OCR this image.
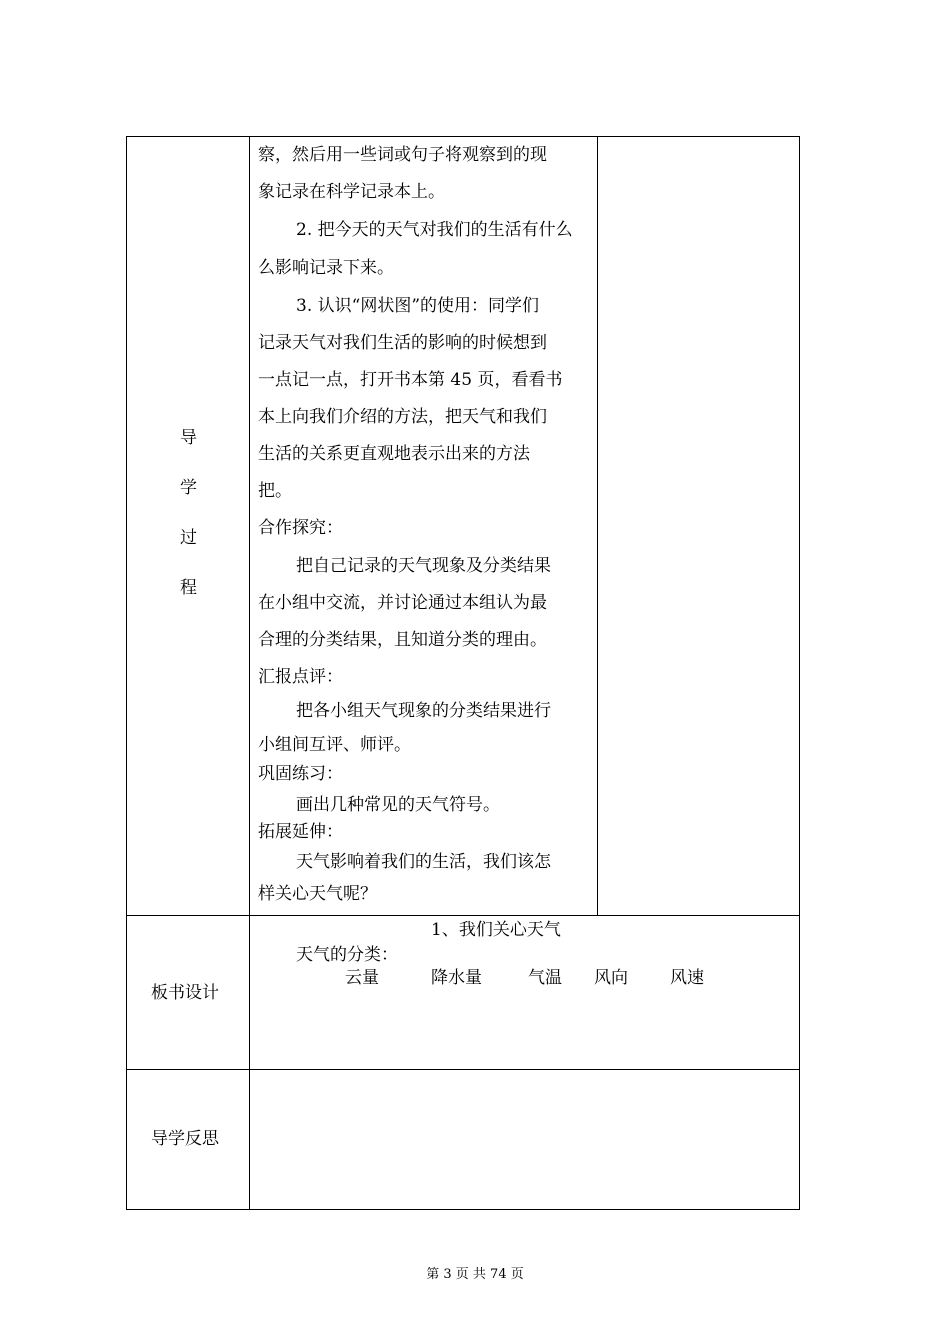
导
学
过
程
察，然后用一些词或句子将观察到的现
象记录在科学记录本上。
2. 把今天的天气对我们的生活有什么
么影响记录下来。
3. 认识“网状图”的使用：同学们
记录天气对我们生活的影响的时候想到
一点记一点，打开书本第 45 页，看看书
本上向我们介绍的方法，把天气和我们
生活的关系更直观地表示出来的方法
把。
合作探究：
把自己记录的天气现象及分类结果
在小组中交流，并讨论通过本组认为最
合理的分类结果，且知道分类的理由。
汇报点评：
把各小组天气现象的分类结果进行
小组间互评、师评。
巩固练习：
画出几种常见的天气符号。
拓展延伸：
天气影响着我们的生活，我们该怎
样关心天气呢？
板书设计
1、我们关心天气
天气的分类：
云量	降水量	气温 风向 风速
导学反思
第 3 页 共 74 页
